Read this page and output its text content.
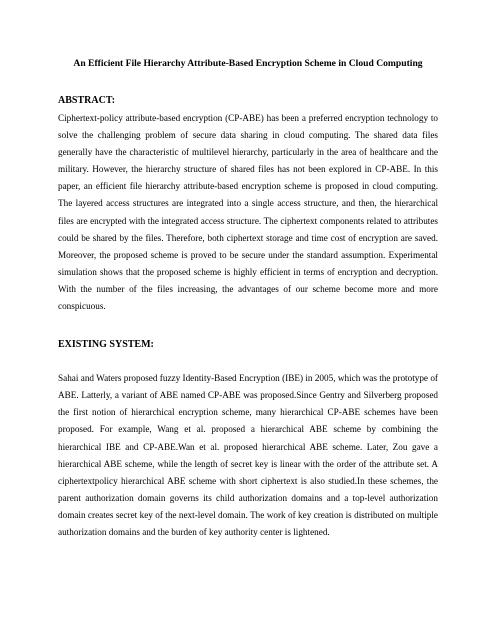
An Efficient File Hierarchy Attribute-Based Encryption Scheme in Cloud Computing
ABSTRACT:

Ciphertext-policy attribute-based encryption (CP-ABE) has been a preferred encryption technology to solve the challenging problem of secure data sharing in cloud computing. The shared data files generally have the characteristic of multilevel hierarchy, particularly in the area of healthcare and the military. However, the hierarchy structure of shared files has not been explored in CP-ABE. In this paper, an efficient file hierarchy attribute-based encryption scheme is proposed in cloud computing. The layered access structures are integrated into a single access structure, and then, the hierarchical files are encrypted with the integrated access structure. The ciphertext components related to attributes could be shared by the files. Therefore, both ciphertext storage and time cost of encryption are saved. Moreover, the proposed scheme is proved to be secure under the standard assumption. Experimental simulation shows that the proposed scheme is highly efficient in terms of encryption and decryption. With the number of the files increasing, the advantages of our scheme become more and more conspicuous.

EXISTING SYSTEM:

Sahai and Waters proposed fuzzy Identity-Based Encryption (IBE) in 2005, which was the prototype of ABE. Latterly, a variant of ABE named CP-ABE was proposed.Since Gentry and Silverberg proposed the first notion of hierarchical encryption scheme, many hierarchical CP-ABE schemes have been proposed. For example, Wang et al. proposed a hierarchical ABE scheme by combining the hierarchical IBE and CP-ABE.Wan et al. proposed hierarchical ABE scheme. Later, Zou gave a hierarchical ABE scheme, while the length of secret key is linear with the order of the attribute set. A ciphertextpolicy hierarchical ABE scheme with short ciphertext is also studied.In these schemes, the parent authorization domain governs its child authorization domains and a top-level authorization domain creates secret key of the next-level domain. The work of key creation is distributed on multiple authorization domains and the burden of key authority center is lightened.
